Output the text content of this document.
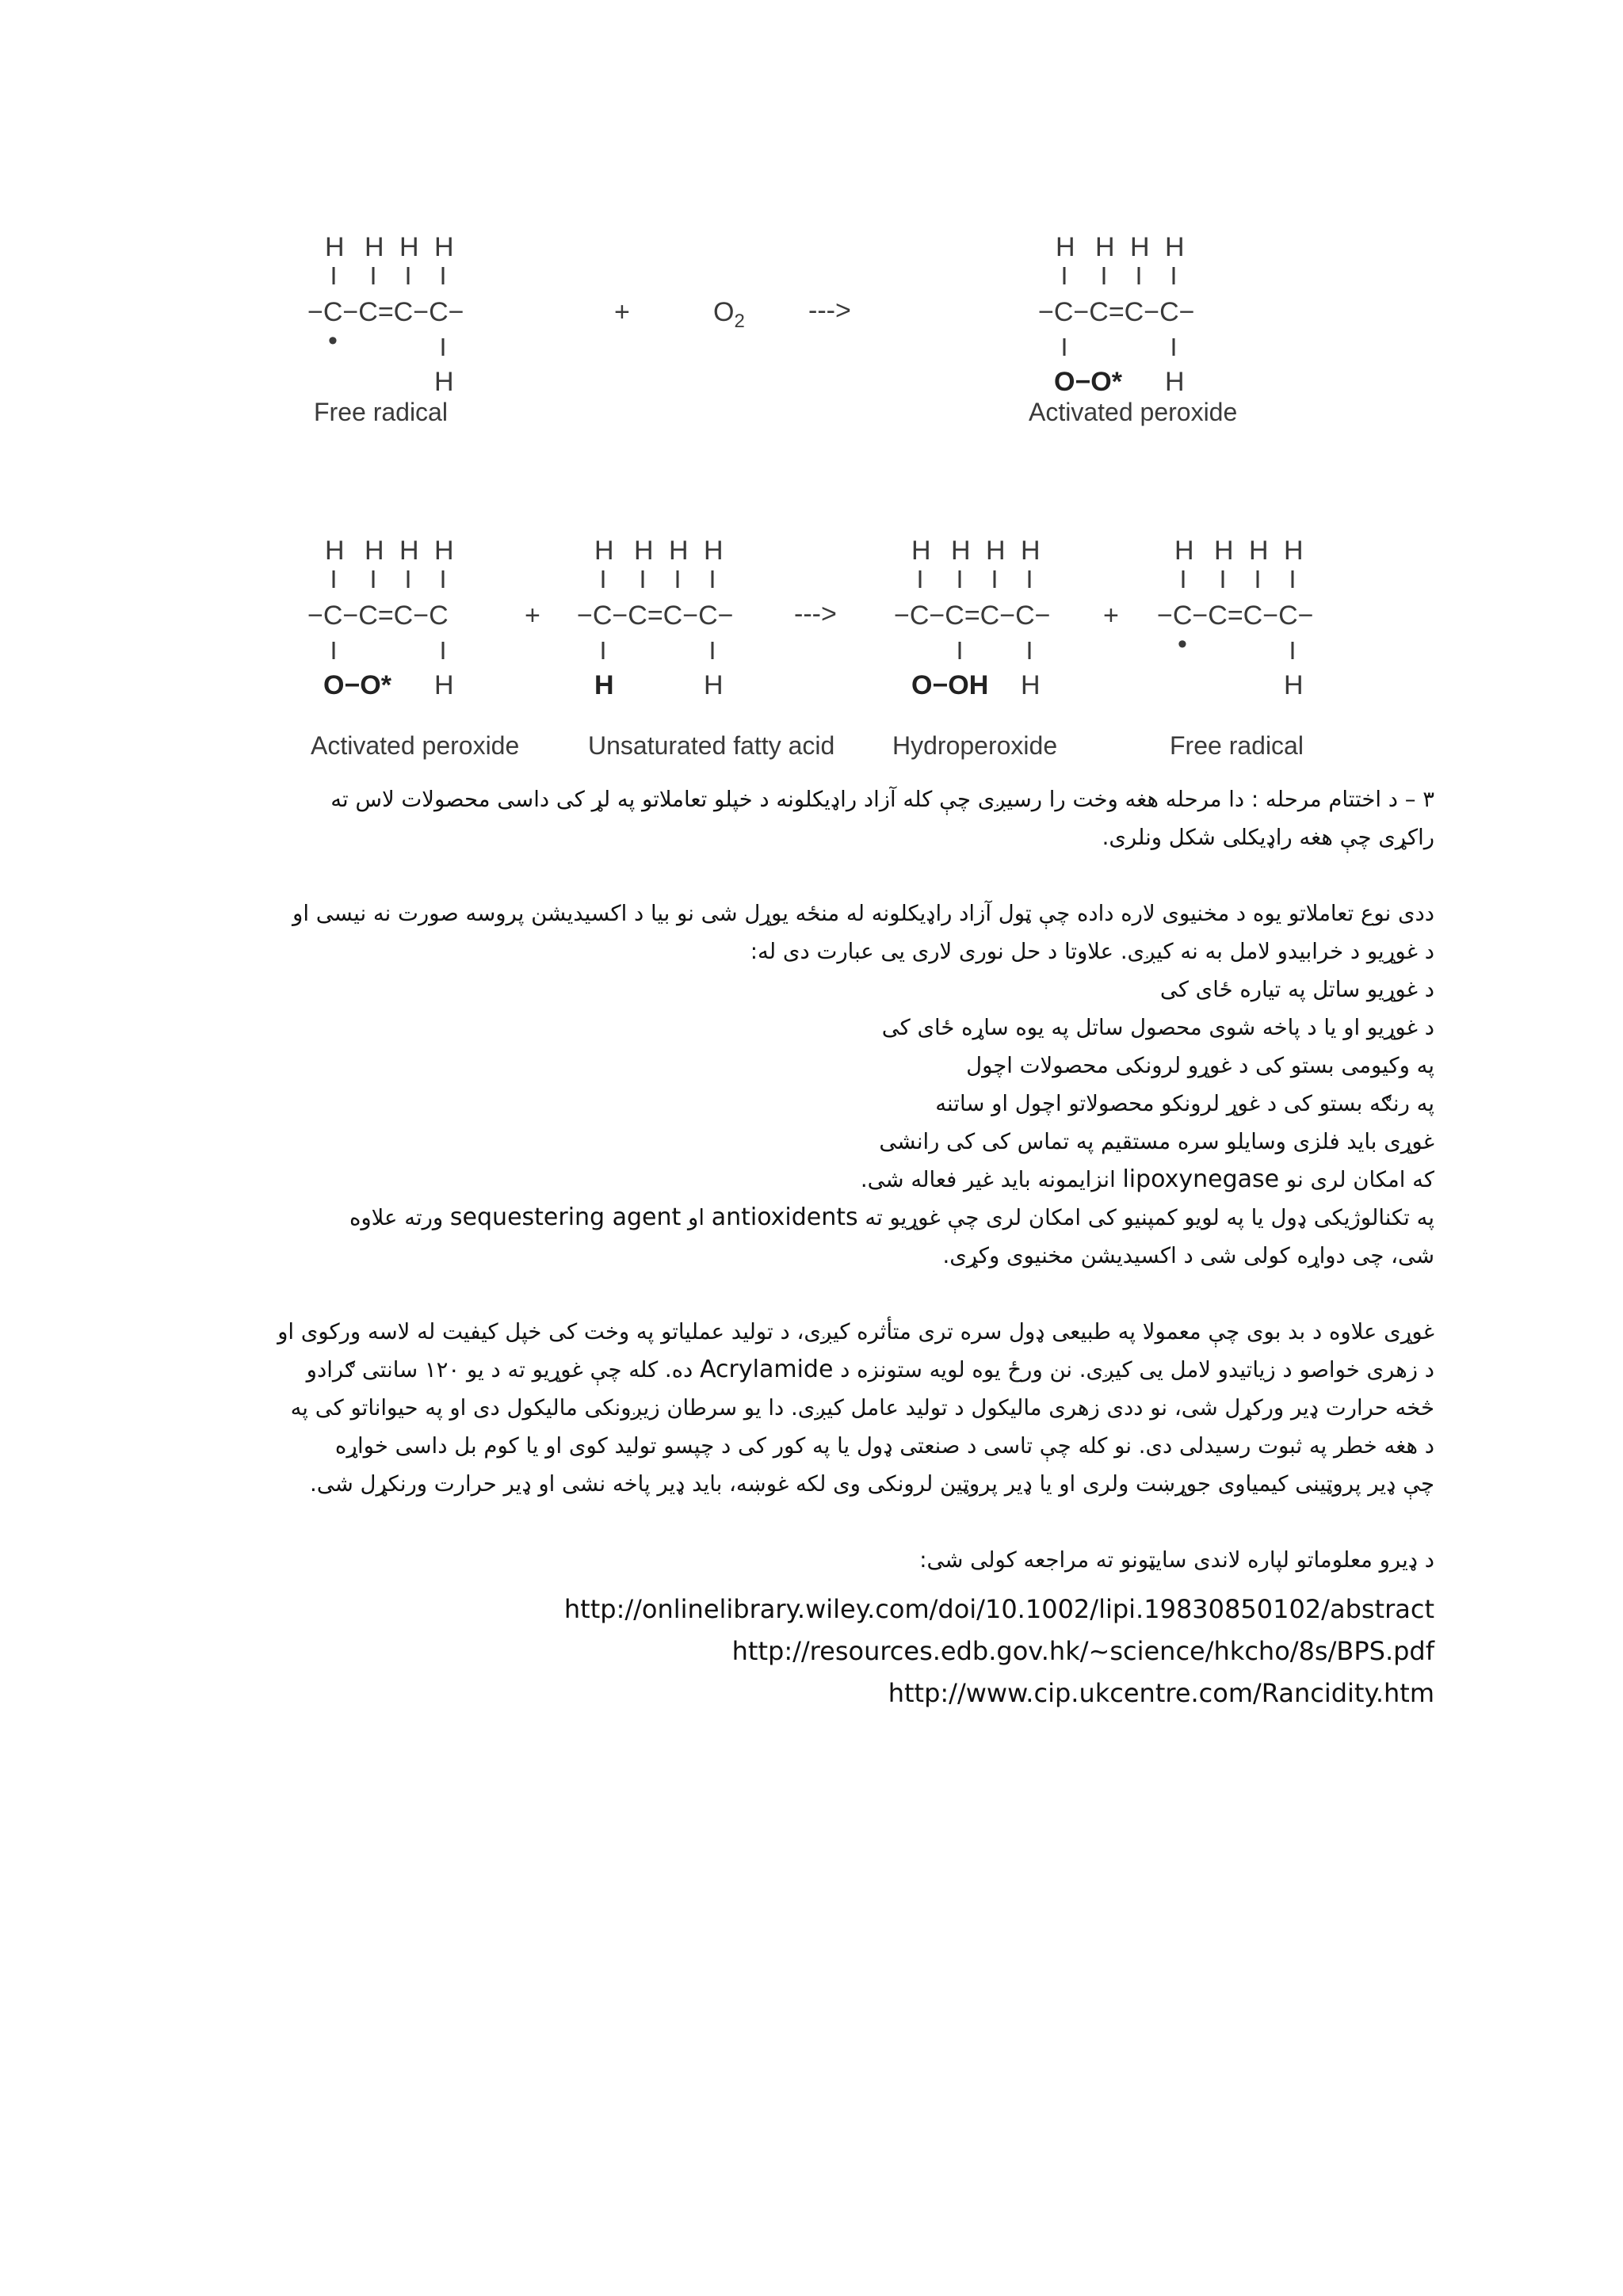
H H H H
−C−C=C−C−
•
H
+	$O_2$ --->
H H H H
−C−C=C−C−
O−O* H
Free radical	Activated peroxide
H H H H
−C−C=C−C
O−O* H
+
H H H H
−C−C=C−C−
H	H
--->
H H H H
−C−C=C−C−
O−OH H
+
H H H H
−C−C=C−C−
•
H
Activated peroxide	Unsaturated fatty acid Hydroperoxide	Free radical

۳ – د اختتام مرحله : دا مرحله هغه وخت را رسیږی چې کله آزاد راډیکلونه د خپلو تعاملاتو په لړ کی داسی محصولات لاس ته

راکړی چې هغه راډیکلی شکل ونلری.

ددی نوع تعاملاتو یوه د مخنیوی لاره داده چې ټول آزاد راډیکلونه له منځه یوړل شی نو بیا د اکسیدیشن پروسه صورت نه نیسی او

د غوړیو د خرابیدو لامل به نه کیږی. علاوتا د حل نوری لاری یی عبارت دی له:

د غوړیو ساتل په تیاره ځای کی

د غوړیو او یا د پاخه شوی محصول ساتل په یوه ساړه ځای کی

په وکیومی بستو کی د غوړو لرونکی محصولات اچول

په رنګه بستو کی د غوړ لرونکو محصولاتو اچول او ساتنه

غوړی باید فلزی وسایلو سره مستقیم په تماس کی کی رانشی

که امکان لری نو lipoxynegase انزایمونه باید غیر فعاله شی.

په تکنالوژیکی ډول یا په لویو کمپنیو کی امکان لری چې غوړیو ته antioxidents او sequestering agent ورته علاوه

شی، چی دواړه کولی شی د اکسیدیشن مخنیوی وکړی.

غوړی علاوه د بد بوی چې معمولا په طبیعی ډول سره تری متأثره کیږی، د تولید عملیاتو په وخت کی خپل کیفیت له لاسه ورکوی او

د زهری خواصو د زیاتیدو لامل یی کیږی. نن ورځ یوه لویه ستونزه د Acrylamide ده. کله چې غوړیو ته د یو ۱۲۰ سانتی ګرادو

څخه حرارت ډیر ورکړل شی، نو ددی زهری مالیکول د تولید عامل کیږی. دا یو سرطان زیږونکی مالیکول دی او په حیواناتو کی په

د هغه خطر په ثبوت رسیدلی دی. نو کله چې تاسی د صنعتی ډول یا په کور کی د چپسو تولید کوی او یا کوم بل داسی خواړه

چې ډیر پروټینی کیمیاوی جوړښت ولری او یا ډیر پروټین لرونکی وی لکه غوښه، باید ډیر پاخه نشی او ډیر حرارت ورنکړل شی.

د ډیرو معلوماتو لپاره لاندی سایټونو ته مراجعه کولی شی:

http://onlinelibrary.wiley.com/doi/10.1002/lipi.19830850102/abstract
http://resources.edb.gov.hk/~science/hkcho/8s/BPS.pdf
http://www.cip.ukcentre.com/Rancidity.htm
